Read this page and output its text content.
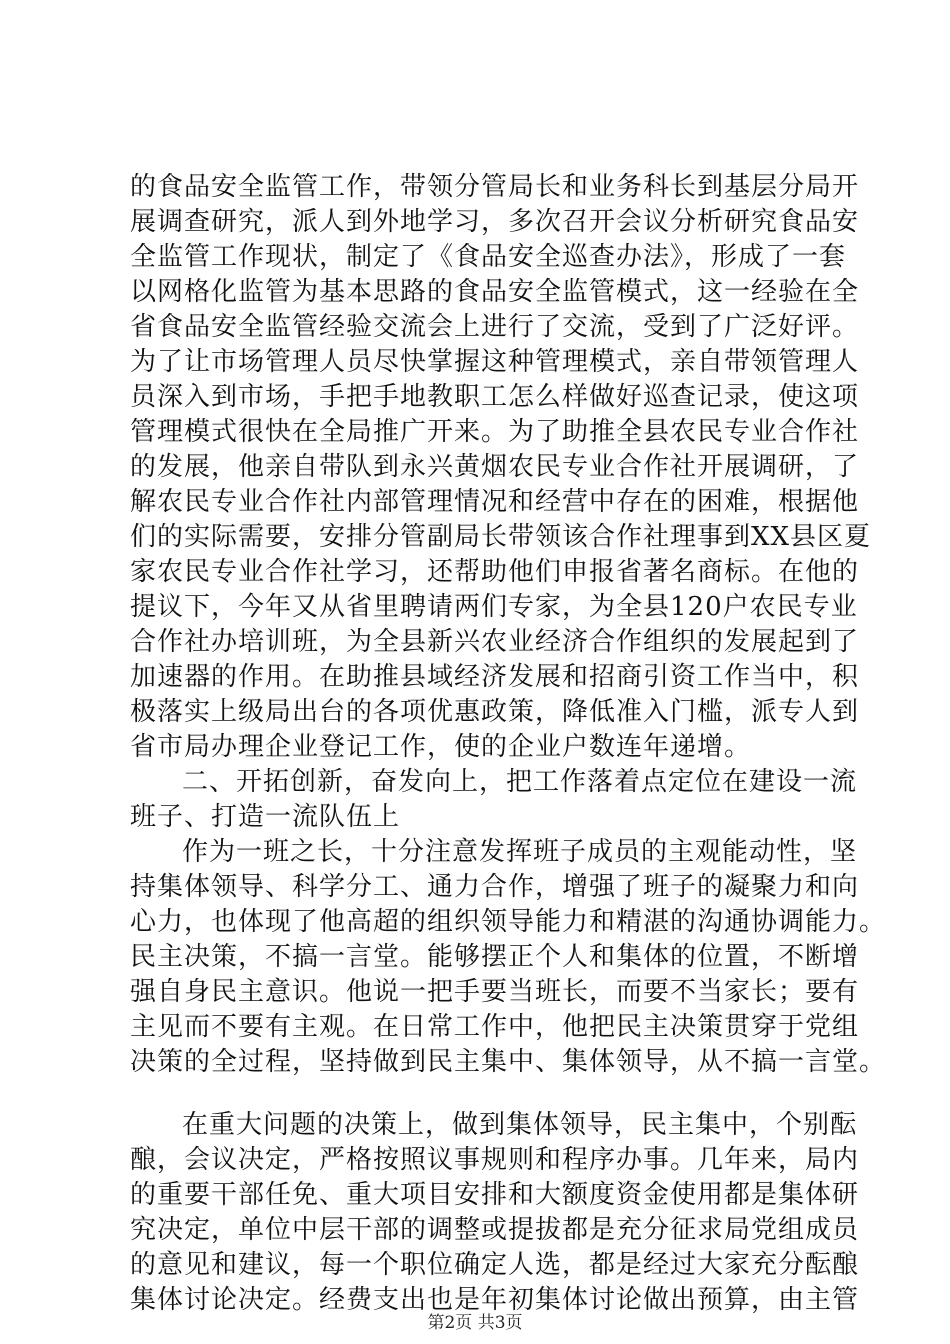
的食品安全监管工作，带领分管局长和业务科长到基层分局开
展调查研究，派人到外地学习，多次召开会议分析研究食品安
全监管工作现状，制定了《食品安全巡查办法》，形成了一套
以网格化监管为基本思路的食品安全监管模式，这一经验在全
省食品安全监管经验交流会上进行了交流，受到了广泛好评。
为了让市场管理人员尽快掌握这种管理模式，亲自带领管理人
员深入到市场，手把手地教职工怎么样做好巡查记录，使这项
管理模式很快在全局推广开来。为了助推全县农民专业合作社
的发展，他亲自带队到永兴黄烟农民专业合作社开展调研，了
解农民专业合作社内部管理情况和经营中存在的困难，根据他
们的实际需要，安排分管副局长带领该合作社理事到XX县区夏
家农民专业合作社学习，还帮助他们申报省著名商标。在他的
提议下，今年又从省里聘请两们专家，为全县120户农民专业
合作社办培训班，为全县新兴农业经济合作组织的发展起到了
加速器的作用。在助推县域经济发展和招商引资工作当中，积
极落实上级局出台的各项优惠政策，降低准入门槛，派专人到
省市局办理企业登记工作，使的企业户数连年递增。
二、开拓创新，奋发向上，把工作落着点定位在建设一流
班子、打造一流队伍上
作为一班之长，十分注意发挥班子成员的主观能动性，坚
持集体领导、科学分工、通力合作，增强了班子的凝聚力和向
心力，也体现了他高超的组织领导能力和精湛的沟通协调能力。
民主决策，不搞一言堂。能够摆正个人和集体的位置，不断增
强自身民主意识。他说一把手要当班长，而要不当家长；要有
主见而不要有主观。在日常工作中，他把民主决策贯穿于党组
决策的全过程，坚持做到民主集中、集体领导，从不搞一言堂。
在重大问题的决策上，做到集体领导，民主集中，个别酝
酿，会议决定，严格按照议事规则和程序办事。几年来，局内
的重要干部任免、重大项目安排和大额度资金使用都是集体研
究决定，单位中层干部的调整或提拔都是充分征求局党组成员
的意见和建议，每一个职位确定人选，都是经过大家充分酝酿
集体讨论决定。经费支出也是年初集体讨论做出预算，由主管
第2页 共3页
